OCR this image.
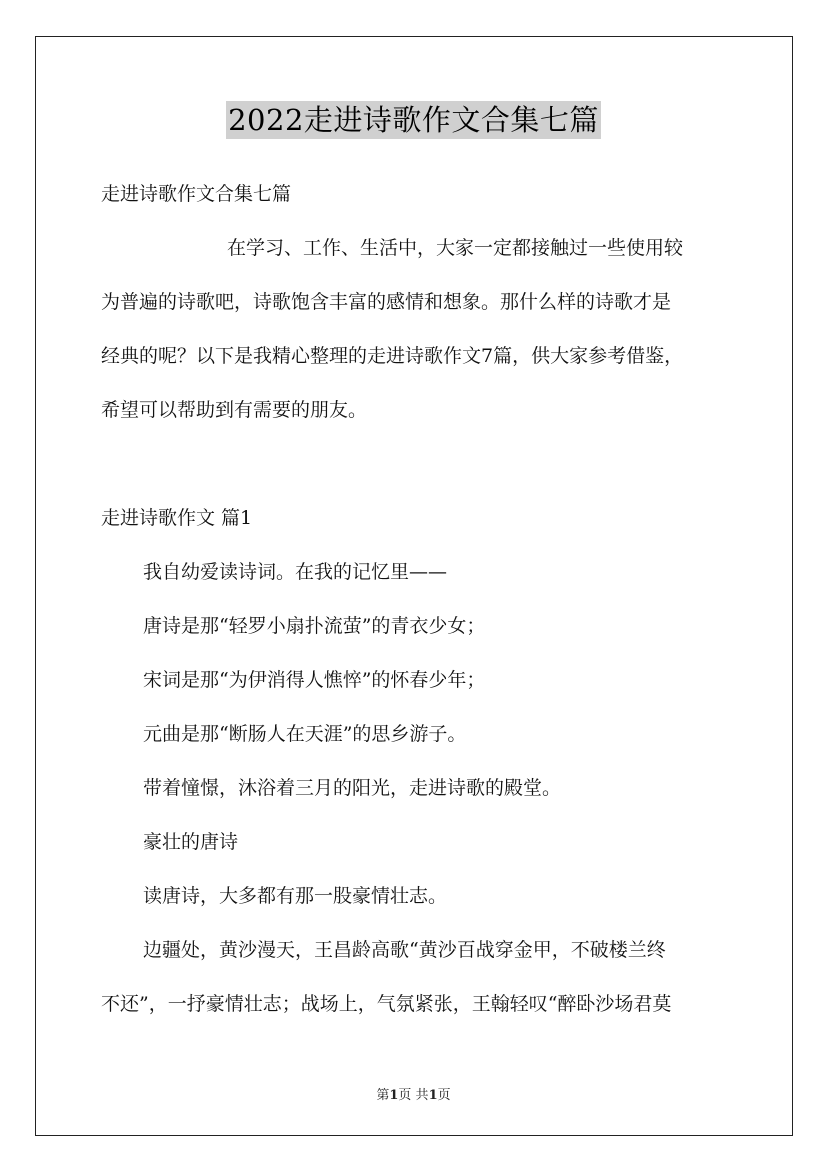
2022走进诗歌作文合集七篇
走进诗歌作文合集七篇
在学习、工作、生活中，大家一定都接触过一些使用较
为普遍的诗歌吧，诗歌饱含丰富的感情和想象。那什么样的诗歌才是
经典的呢？以下是我精心整理的走进诗歌作文7篇，供大家参考借鉴，
希望可以帮助到有需要的朋友。
走进诗歌作文 篇1
我自幼爱读诗词。在我的记忆里——
唐诗是那“轻罗小扇扑流萤”的青衣少女；
宋词是那“为伊消得人憔悴”的怀春少年；
元曲是那“断肠人在天涯”的思乡游子。
带着憧憬，沐浴着三月的阳光，走进诗歌的殿堂。
豪壮的唐诗
读唐诗，大多都有那一股豪情壮志。
边疆处，黄沙漫天，王昌龄高歌“黄沙百战穿金甲，不破楼兰终
不还”，一抒豪情壮志；战场上，气氛紧张，王翰轻叹“醉卧沙场君莫
第1页 共1页
